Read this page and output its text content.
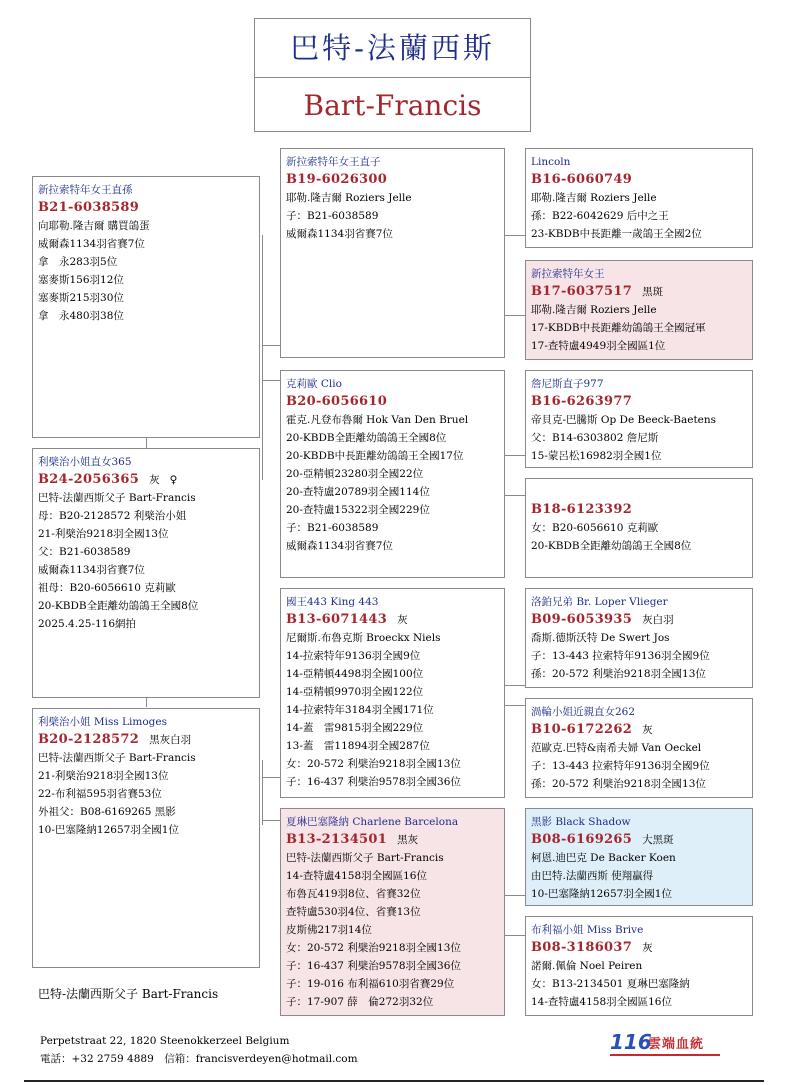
巴特-法蘭西斯
Bart-Francis
新拉索特年女王直孫
B21-6038589
向耶勒.隆吉爾 購買鴿蛋
威爾森1134羽省賽7位
拿　永283羽5位
塞麥斯156羽12位
塞麥斯215羽30位
拿　永480羽38位
利檗治小姐直女365
B24-2056365 灰 ♀
巴特-法蘭西斯父子 Bart-Francis
母：B20-2128572 利檗治小姐
21-利檗治9218羽全國13位
父：B21-6038589
威爾森1134羽省賽7位
祖母：B20-6056610 克莉歐
20-KBDB全距離幼鴿鴿王全國8位
2025.4.25-116網拍
利檗治小姐 Miss Limoges
B20-2128572 黑灰白羽
巴特-法蘭西斯父子 Bart-Francis
21-利檗治9218羽全國13位
22-布利福595羽省賽53位
外祖父：B08-6169265 黑影
10-巴塞隆納12657羽全國1位
新拉索特年女王直子
B19-6026300
耶勒.隆吉爾 Roziers Jelle
子：B21-6038589
威爾森1134羽省賽7位
克莉歐 Clio
B20-6056610
霍克.凡登布魯爾 Hok Van Den Bruel
20-KBDB全距離幼鴿鴿王全國8位
20-KBDB中長距離幼鴿鴿王全國17位
20-亞精頓23280羽全國22位
20-查特盧20789羽全國114位
20-查特盧15322羽全國229位
子：B21-6038589
威爾森1134羽省賽7位
國王443 King 443
B13-6071443 灰
尼爾斯.布魯克斯 Broeckx Niels
14-拉索特年9136羽全國9位
14-亞精頓4498羽全國100位
14-亞精頓9970羽全國122位
14-拉索特年3184羽全國171位
14-蓋　雷9815羽全國229位
13-蓋　雷11894羽全國287位
女：20-572 利檗治9218羽全國13位
子：16-437 利檗治9578羽全國36位
夏琳巴塞隆納 Charlene Barcelona
B13-2134501 黑灰
巴特-法蘭西斯父子 Bart-Francis
14-查特盧4158羽全國區16位
布魯瓦419羽8位、省賽32位
查特盧530羽4位、省賽13位
皮斯佛217羽14位
女：20-572 利檗治9218羽全國13位
子：16-437 利檗治9578羽全國36位
子：19-016 布利福610羽省賽29位
子：17-907 薛　倫272羽32位
Lincoln
B16-6060749
耶勒.隆吉爾 Roziers Jelle
孫：B22-6042629 后中之王
23-KBDB中長距離一歲鴿王全國2位
新拉索特年女王
B17-6037517 黑斑
耶勒.隆吉爾 Roziers Jelle
17-KBDB中長距離幼鴿鴿王全國冠軍
17-查特盧4949羽全國區1位
詹尼斯直子977
B16-6263977
帝貝克-巴騰斯 Op De Beeck-Baetens
父：B14-6303802 詹尼斯
15-蒙呂松16982羽全國1位
B18-6123392
女：B20-6056610 克莉歐
20-KBDB全距離幼鴿鴿王全國8位
洛鉑兄弟 Br. Loper Vlieger
B09-6053935 灰白羽
喬斯.德斯沃特 De Swert Jos
子：13-443 拉索特年9136羽全國9位
孫：20-572 利檗治9218羽全國13位
渦輪小姐近親直女262
B10-6172262 灰
范歐克.巴特&南希夫婦 Van Oeckel
子：13-443 拉索特年9136羽全國9位
孫：20-572 利檗治9218羽全國13位
黑影 Black Shadow
B08-6169265 大黑斑
柯恩.迪巴克 De Backer Koen
由巴特.法蘭西斯 使翔贏得
10-巴塞隆納12657羽全國1位
布利福小姐 Miss Brive
B08-3186037 灰
諾爾.佩倫 Noel Peiren
女：B13-2134501 夏琳巴塞隆納
14-查特盧4158羽全國區16位
巴特-法蘭西斯父子 Bart-Francis
Perpetstraat 22, 1820 Steenokkerzeel Belgium
電話：+32 2759 4889　信箱：francisverdeyen@hotmail.com
116
雲端血統
